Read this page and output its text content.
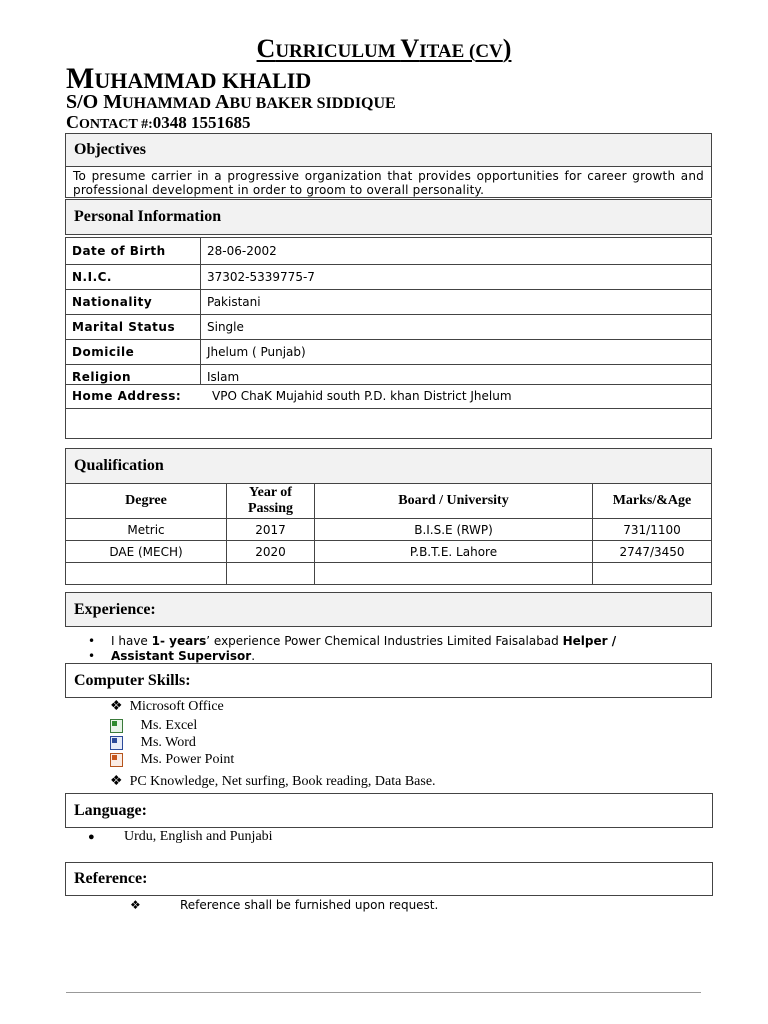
CURRICULUM VITAE (CV)
MUHAMMAD KHALID
S/O MUHAMMAD ABU BAKER SIDDIQUE
CONTACT #:0348 1551685
Objectives
To presume carrier in a progressive organization that provides opportunities for career growth and professional development in order to groom to overall personality.
Personal Information
Date of Birth	28-06-2002
N.I.C.	37302-5339775-7
Nationality	Pakistani
Marital Status	Single
Domicile	Jhelum ( Punjab)
Religion	Islam
Home Address:	VPO ChaK Mujahid south P.D. khan District Jhelum
Qualification
Degree	Year of Passing	Board / University	Marks/&Age
Metric	2017	B.I.S.E (RWP)	731/1100
DAE (MECH)	2020	P.B.T.E. Lahore	2747/3450

Experience:
• I have 1- years’ experience Power Chemical Industries Limited Faisalabad Helper /
• Assistant Supervisor.
Computer Skills:
❖ Microsoft Office
Ms. Excel
Ms. Word
Ms. Power Point
❖ PC Knowledge, Net surfing, Book reading, Data Base.
Language:
● Urdu, English and Punjabi
Reference:
❖	Reference shall be furnished upon request.
